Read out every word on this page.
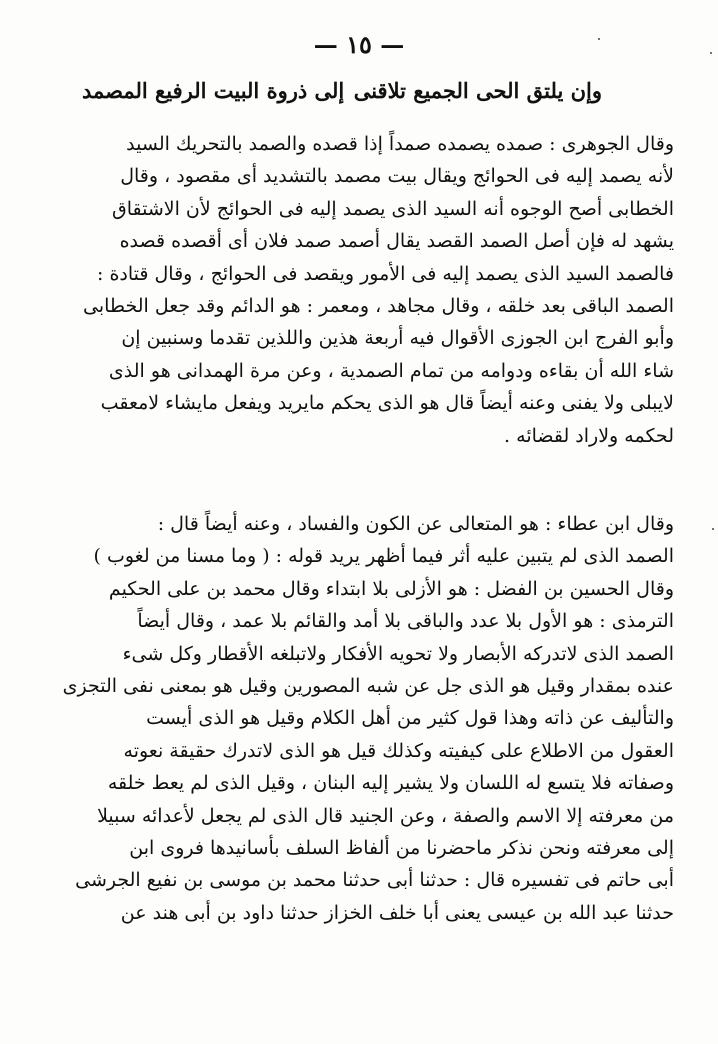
— ١٥ —
وإن يلتق الحى الجميع تلاقنى
إلى ذروة البيت الرفيع المصمد

وقال الجوهرى : صمده يصمده صمداً إذا قصده والصمد بالتحريك السيد
لأنه يصمد إليه فى الحوائج ويقال بيت مصمد بالتشديد أى مقصود ، وقال
الخطابى أصح الوجوه أنه السيد الذى يصمد إليه فى الحوائج لأن الاشتقاق
يشهد له فإن أصل الصمد القصد يقال أصمد صمد فلان أى أقصده قصده
فالصمد السيد الذى يصمد إليه فى الأمور ويقصد فى الحوائج ، وقال قتادة :
الصمد الباقى بعد خلقه ، وقال مجاهد ، ومعمر : هو الدائم وقد جعل الخطابى
وأبو الفرج ابن الجوزى الأقوال فيه أربعة هذين واللذين تقدما وسنبين إن
شاء الله أن بقاءه ودوامه من تمام الصمدية ، وعن مرة الهمدانى هو الذى
لايبلى ولا يفنى وعنه أيضاً قال هو الذى يحكم مايريد ويفعل مايشاء لامعقب
لحكمه ولاراد لقضائه .

وقال ابن عطاء : هو المتعالى عن الكون والفساد ، وعنه أيضاً قال :
الصمد الذى لم يتبين عليه أثر فيما أظهر يريد قوله : ( وما مسنا من لغوب )
وقال الحسين بن الفضل : هو الأزلى بلا ابتداء وقال محمد بن على الحكيم
الترمذى : هو الأول بلا عدد والباقى بلا أمد والقائم بلا عمد ، وقال أيضاً
الصمد الذى لاتدركه الأبصار ولا تحويه الأفكار ولاتبلغه الأقطار وكل شىء
عنده بمقدار وقيل هو الذى جل عن شبه المصورين وقيل هو بمعنى نفى التجزى
والتأليف عن ذاته وهذا قول كثير من أهل الكلام وقيل هو الذى أيست
العقول من الاطلاع على كيفيته وكذلك قيل هو الذى لاتدرك حقيقة نعوته
وصفاته فلا يتسع له اللسان ولا يشير إليه البنان ، وقيل الذى لم يعط خلقه
من معرفته إلا الاسم والصفة ، وعن الجنيد قال الذى لم يجعل لأعدائه سبيلا
إلى معرفته ونحن نذكر ماحضرنا من ألفاظ السلف بأسانيدها فروى ابن
أبى حاتم فى تفسيره قال : حدثنا أبى حدثنا محمد بن موسى بن نفيع الجرشى
حدثنا عبد الله بن عيسى يعنى أبا خلف الخزاز حدثنا داود بن أبى هند عن
